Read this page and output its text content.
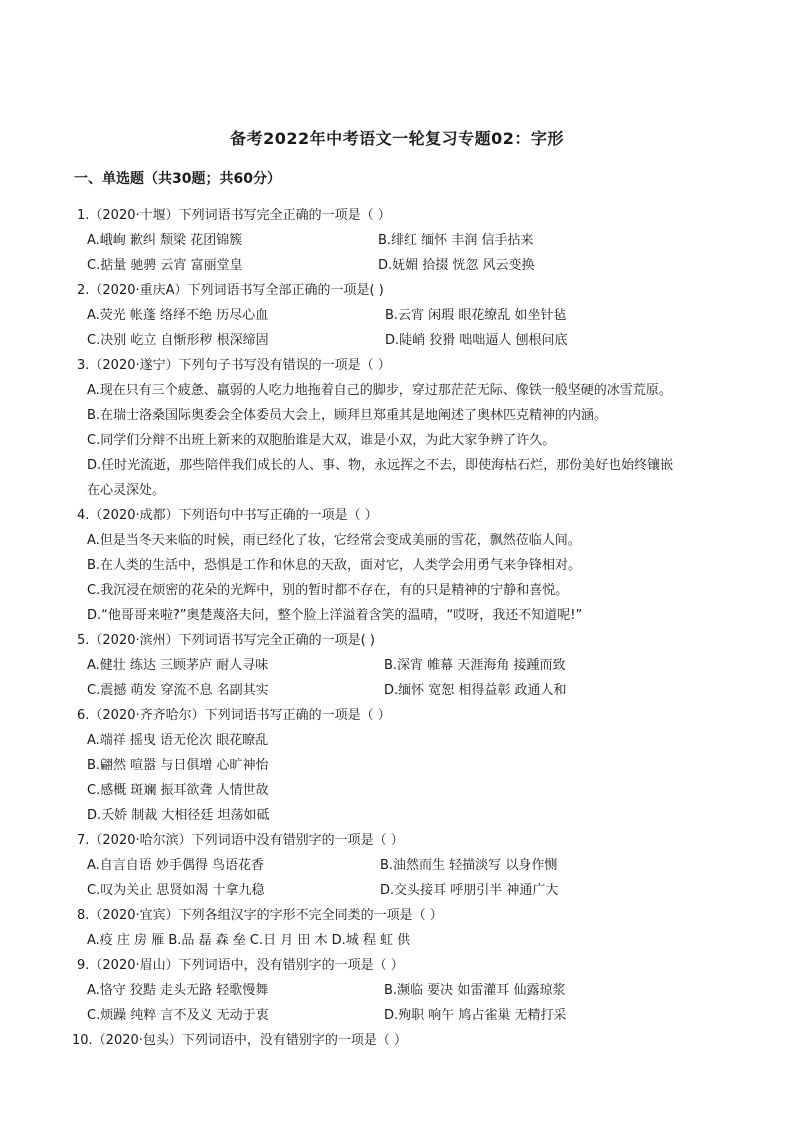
备考2022年中考语文一轮复习专题02：字形
一、单选题（共30题；共60分）
1.（2020·十堰）下列词语书写完全正确的一项是（ ）
A.峨峋 歉纠 颓梁 花团锦簇	B.绯红 缅怀 丰润 信手拈来
C.掂量 驰骋 云宵 富丽堂皇	D.妩媚 拾掇 恍忽 风云变换
2.（2020·重庆A）下列词语书写全部正确的一项是( )
A.荧光 帐蓬 络绎不绝 历尽心血	B.云宵 闲瑕 眼花缭乱 如坐针毡
C.决别 屹立 自惭形秽 根深缔固	D.陡峭 狡猾 咄咄逼人 刨根问底
3.（2020·遂宁）下列句子书写没有错误的一项是（ ）
A.现在只有三个疲惫、羸弱的人吃力地拖着自己的脚步，穿过那茫茫无际、像铁一般坚硬的冰雪荒原。
B.在瑞士洛桑国际奥委会全体委员大会上，顾拜旦郑重其是地阐述了奥林匹克精神的内涵。
C.同学们分辩不出班上新来的双胞胎谁是大双，谁是小双，为此大家争辨了许久。
D.任时光流逝，那些陪伴我们成长的人、事、物，永远挥之不去，即使海枯石烂，那份美好也始终镶嵌
在心灵深处。
4.（2020·成都）下列语句中书写正确的一项是（ ）
A.但是当冬天来临的时候，雨已经化了妆，它经常会变成美丽的雪花，飘然莅临人间。
B.在人类的生活中，恐惧是工作和休息的天敌，面对它，人类学会用勇气来争锋相对。
C.我沉浸在烦密的花朵的光辉中，别的暂时都不存在，有的只是精神的宁静和喜悦。
D.“他哥哥来啦?”奥楚蔑洛夫问，整个脸上洋溢着含笑的温晴，“哎呀，我还不知道呢!”
5.（2020·滨州）下列词语书写完全正确的一项是( )
A.健壮 练达 三顾茅庐 耐人寻味	B.深宵 帷幕 天涯海角 接踵而致
C.震撼 萌发 穿流不息 名副其实	D.缅怀 宽恕 相得益彰 政通人和
6.（2020·齐齐哈尔）下列词语书写正确的一项是（ ）
A.端祥 摇曳 语无伦次 眼花瞭乱
B.翩然 喧嚣 与日俱增 心旷神怡
C.感概 斑斓 振耳欲聋 人情世故
D.夭娇 制裁 大相径廷 坦荡如砥
7.（2020·哈尔滨）下列词语中没有错别字的一项是（ ）
A.自言自语 妙手偶得 鸟语花香	B.油然而生 轻描淡写 以身作恻
C.叹为关止 思贤如渴 十拿九稳	D.交头接耳 呼朋引半 神通广大
8.（2020·宜宾）下列各组汉字的字形不完全同类的一项是（ ）
A.疫 庄 房 雁 B.品 磊 森 垒 C.日 月 田 木 D.城 程 虹 供
9.（2020·眉山）下列词语中，没有错别字的一项是（ ）
A.恪守 狡黠 走头无路 轻歌慢舞	B.濒临 要决 如雷灌耳 仙露琼浆
C.烦躁 纯粹 言不及义 无动于衷	D.殉职 响午 鸠占雀巢 无精打采
10.（2020·包头）下列词语中，没有错别字的一项是（ ）
